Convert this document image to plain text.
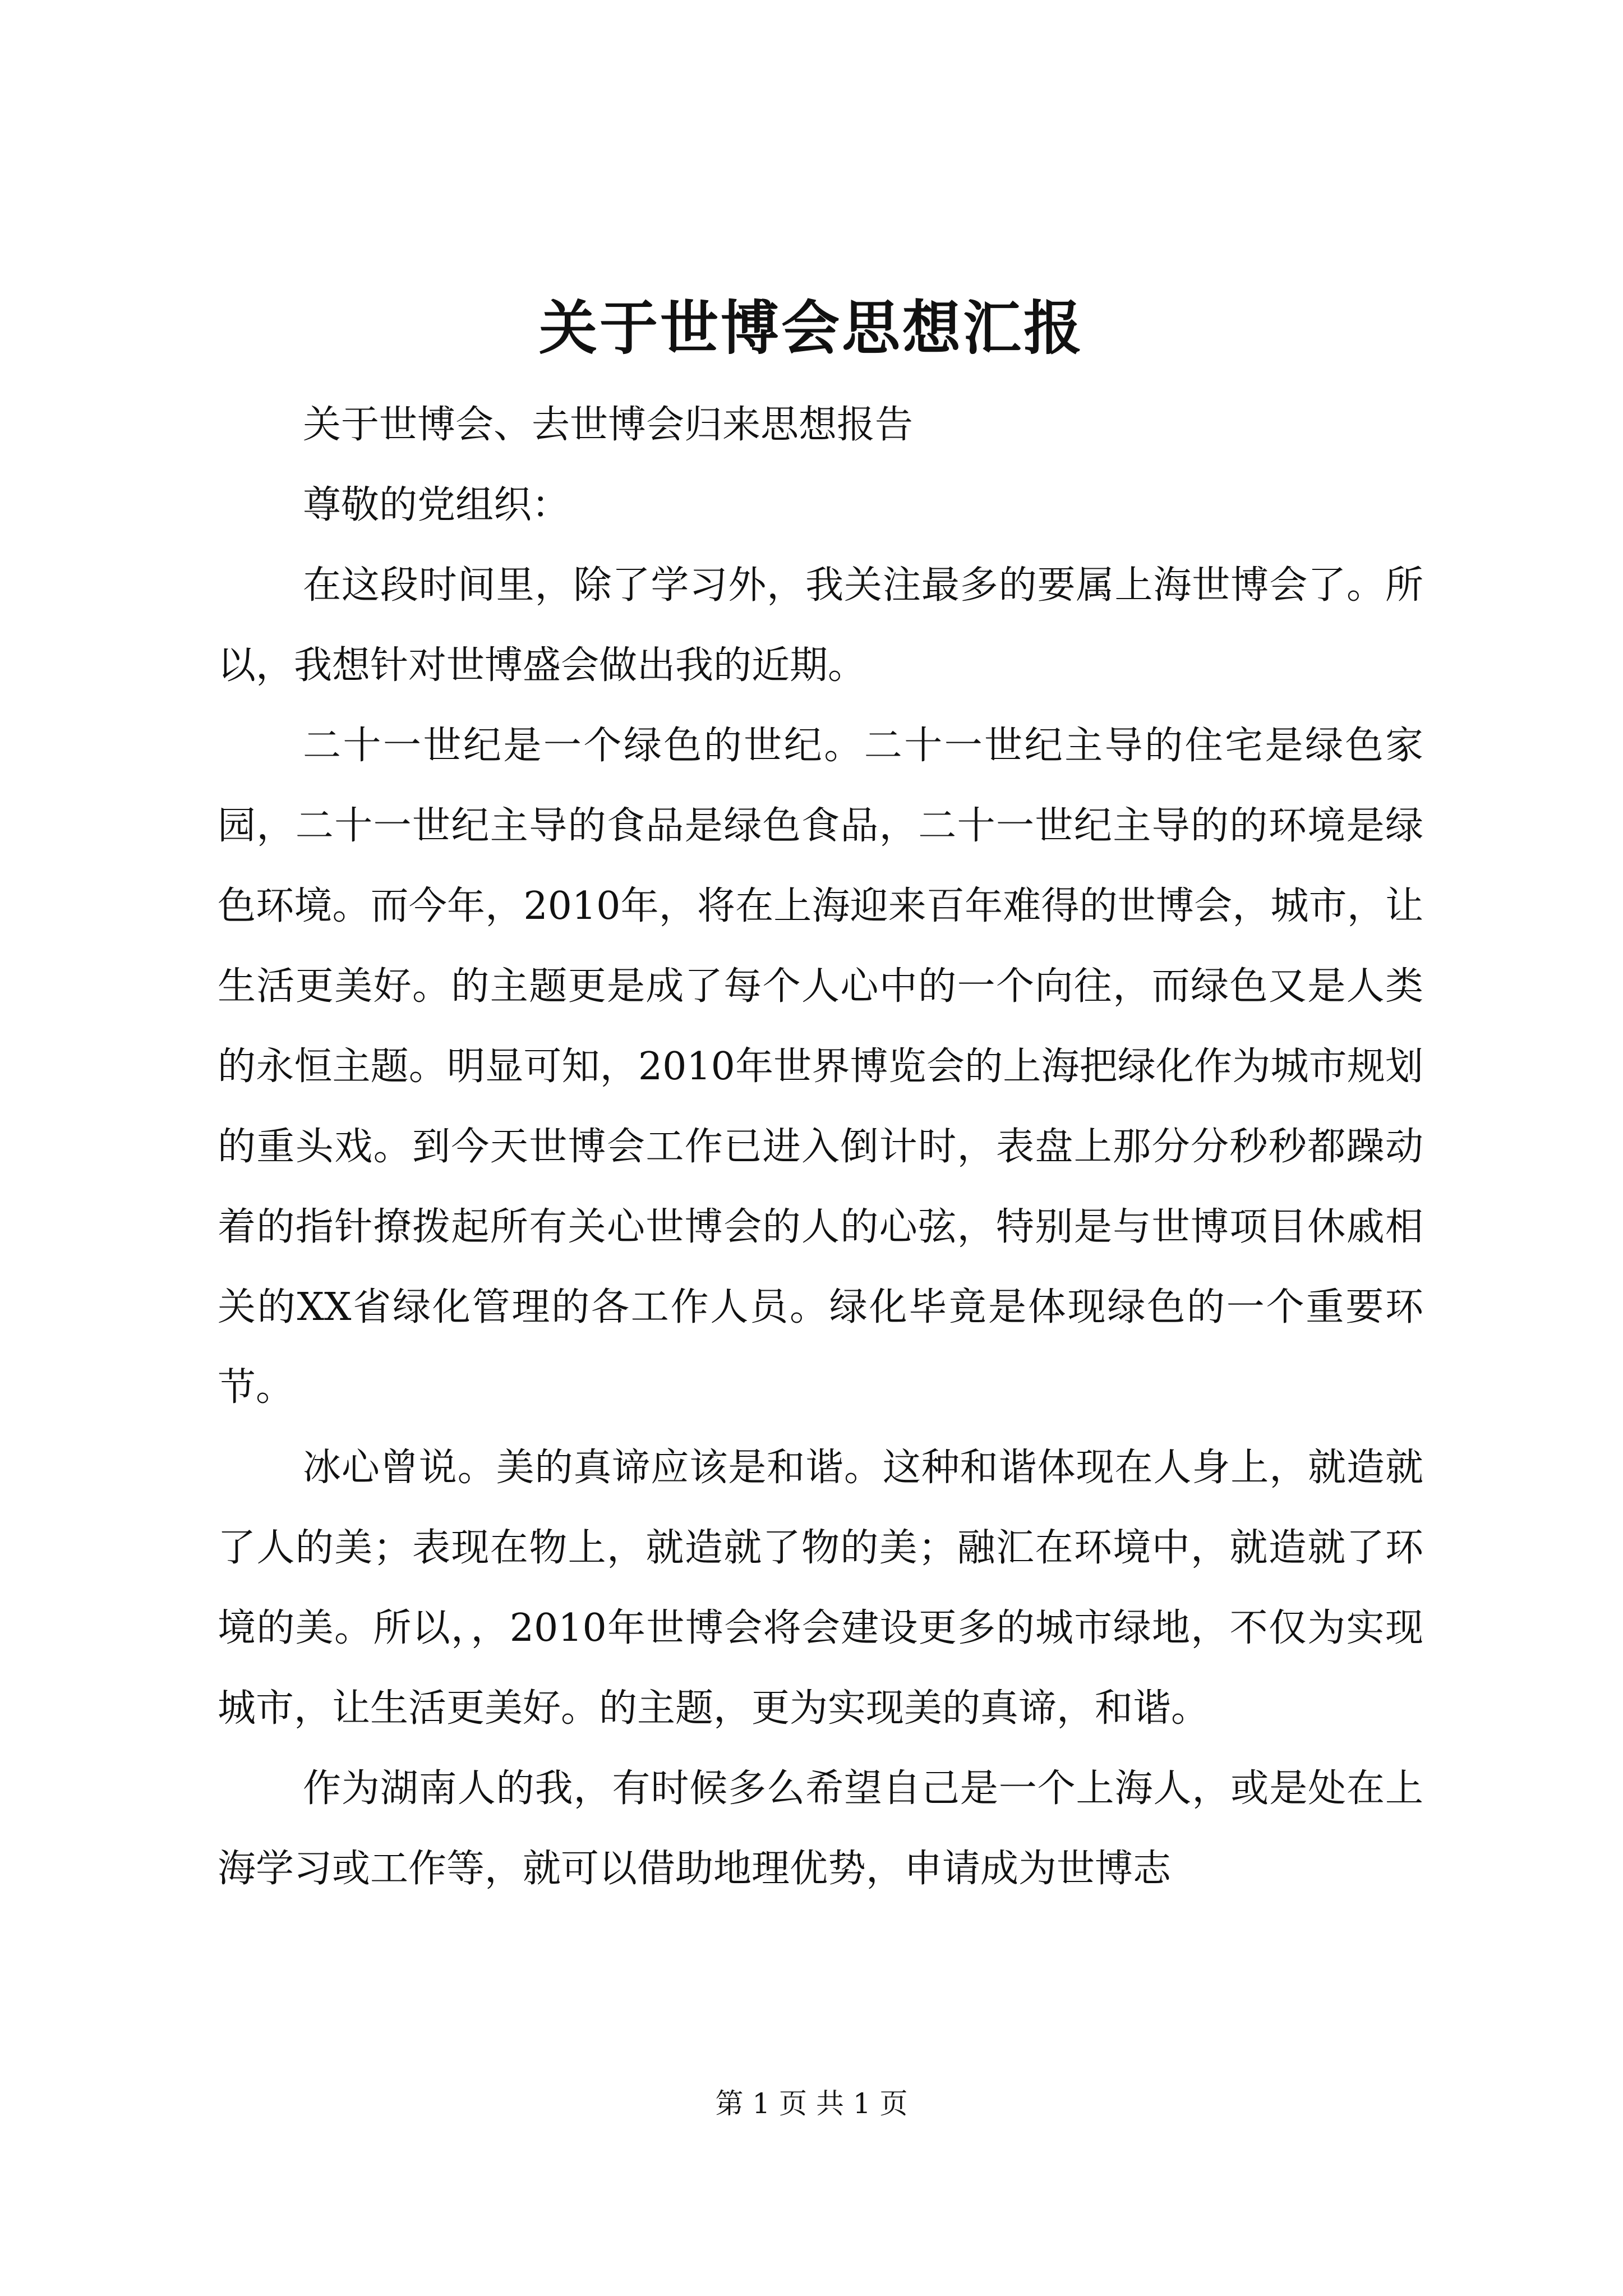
关于世博会思想汇报

关于世博会、去世博会归来思想报告

尊敬的党组织：

在这段时间里，除了学习外，我关注最多的要属上海世博会了。所以，我想针对世博盛会做出我的近期。

二十一世纪是一个绿色的世纪。二十一世纪主导的住宅是绿色家园，二十一世纪主导的食品是绿色食品，二十一世纪主导的的环境是绿色环境。而今年，2010年，将在上海迎来百年难得的世博会，城市，让生活更美好。的主题更是成了每个人心中的一个向往，而绿色又是人类的永恒主题。明显可知，2010年世界博览会的上海把绿化作为城市规划的重头戏。到今天世博会工作已进入倒计时，表盘上那分分秒秒都躁动着的指针撩拨起所有关心世博会的人的心弦，特别是与世博项目休戚相关的XX省绿化管理的各工作人员。绿化毕竟是体现绿色的一个重要环节。

冰心曾说。美的真谛应该是和谐。这种和谐体现在人身上，就造就了人的美；表现在物上，就造就了物的美；融汇在环境中，就造就了环境的美。所以，，2010年世博会将会建设更多的城市绿地，不仅为实现城市，让生活更美好。的主题，更为实现美的真谛，和谐。

作为湖南人的我，有时候多么希望自己是一个上海人，或是处在上海学习或工作等，就可以借助地理优势，申请成为世博志

第 1 页 共 1 页
